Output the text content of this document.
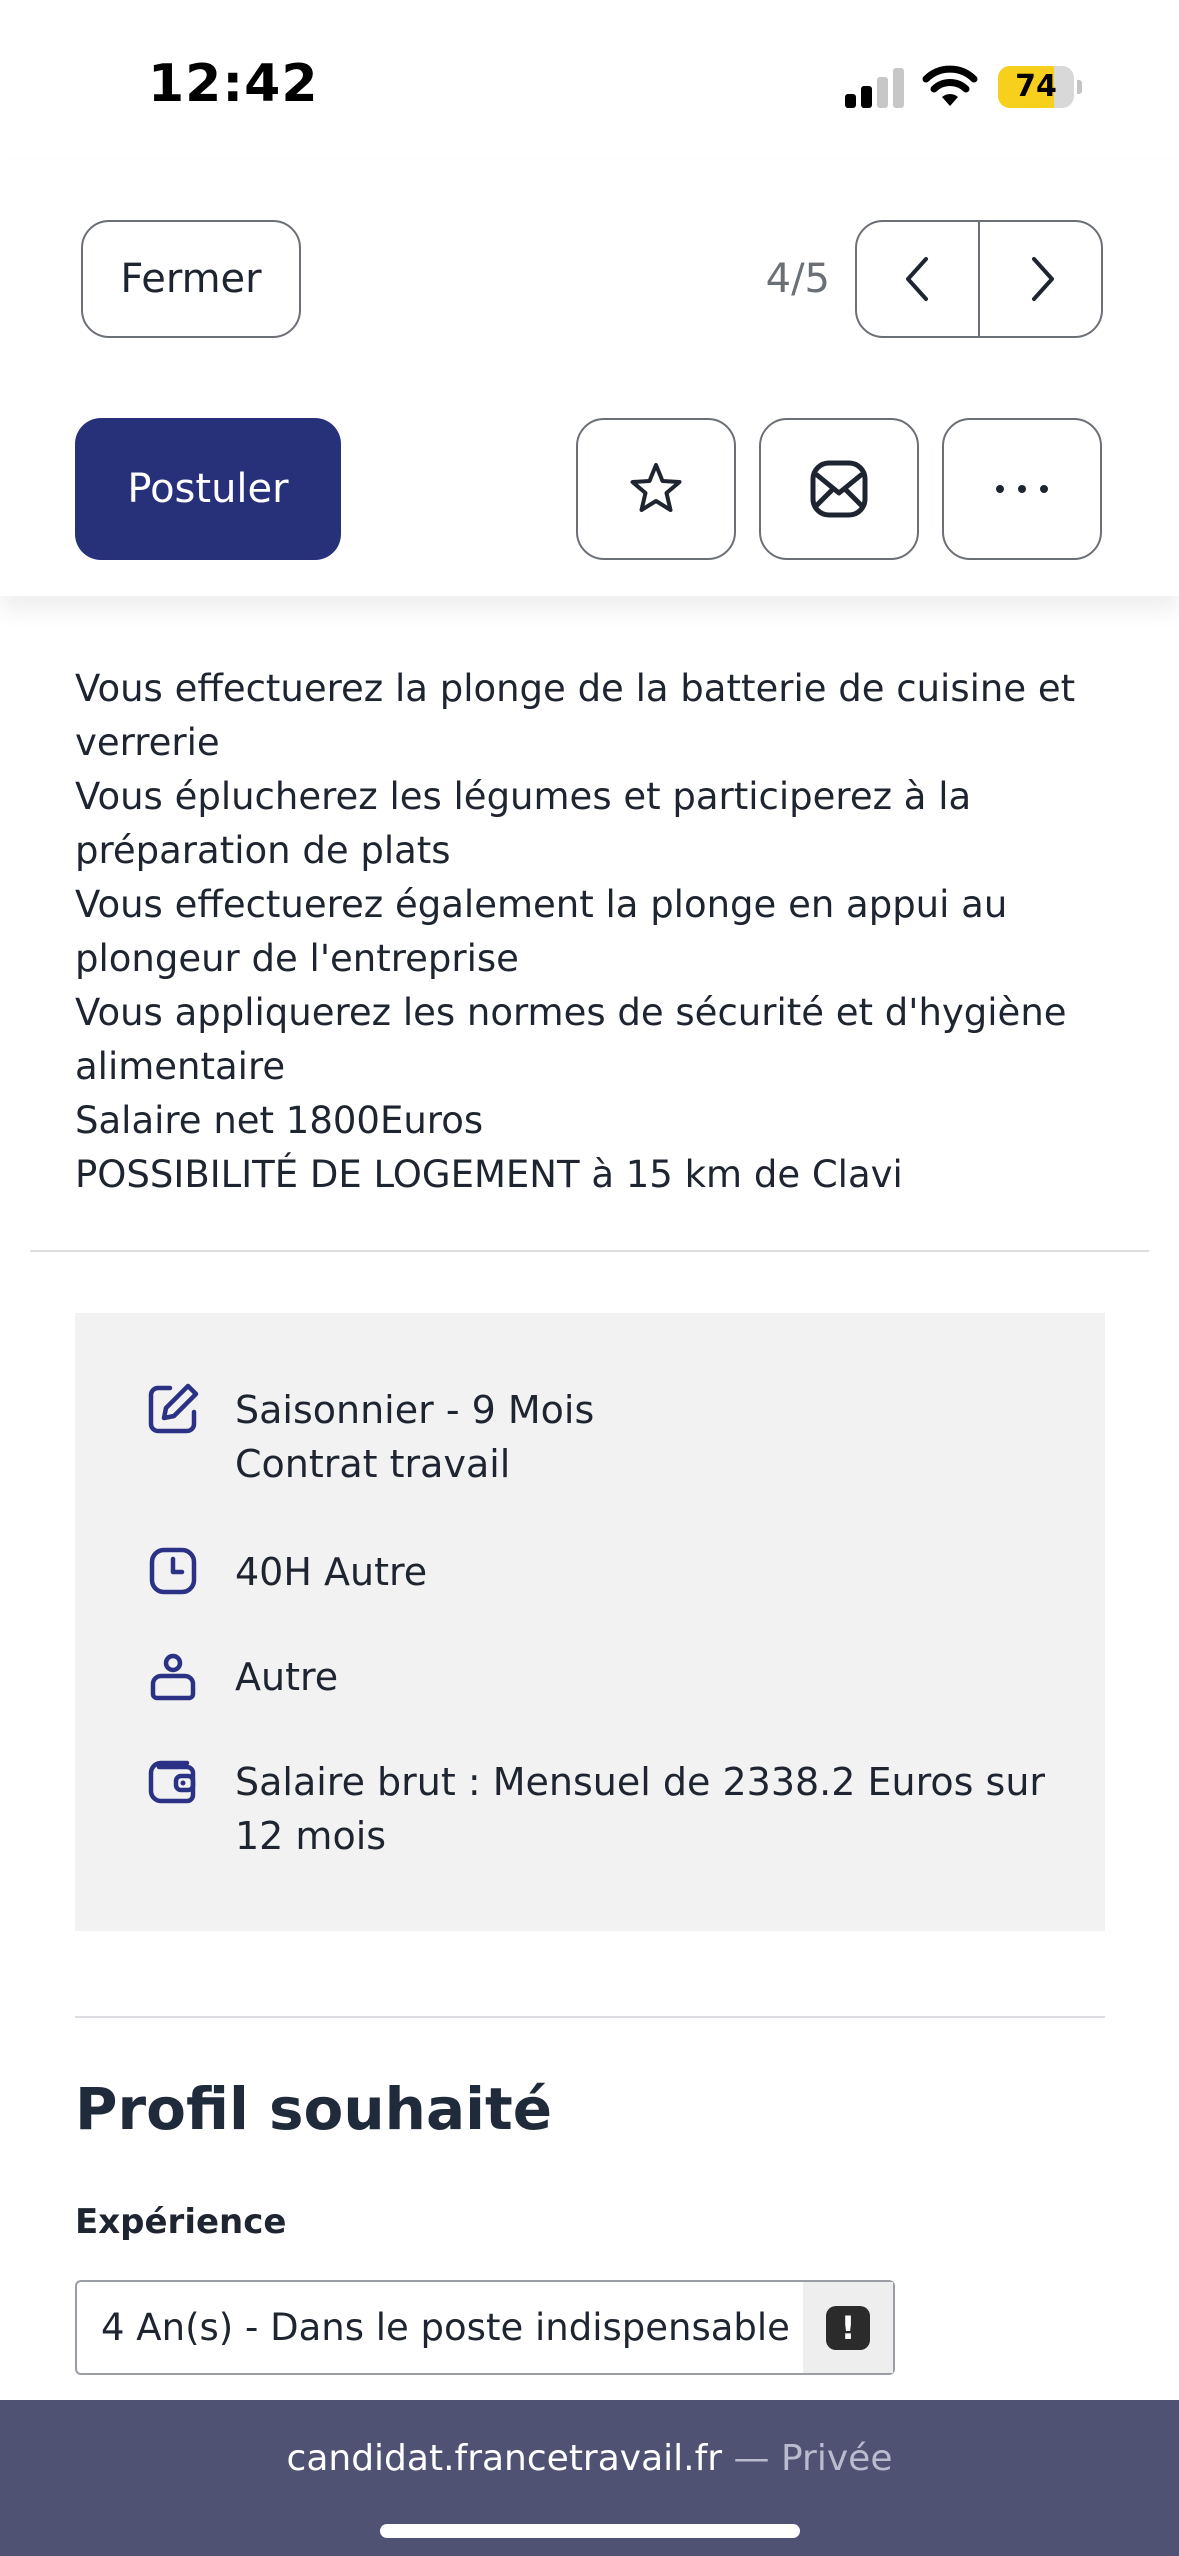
12:42	74
Fermer	4/5
Postuler
Vous effectuerez la plonge de la batterie de cuisine et
verrerie
Vous éplucherez les légumes et participerez à la
préparation de plats
Vous effectuerez également la plonge en appui au
plongeur de l'entreprise
Vous appliquerez les normes de sécurité et d'hygiène
alimentaire
Salaire net 1800Euros
POSSIBILITÉ DE LOGEMENT à 15 km de Clavi
Saisonnier - 9 Mois
Contrat travail
40H Autre
Autre
Salaire brut : Mensuel de 2338.2 Euros sur
12 mois
Profil souhaité
Expérience
4 An(s) - Dans le poste indispensable	!
candidat.francetravail.fr — Privée
